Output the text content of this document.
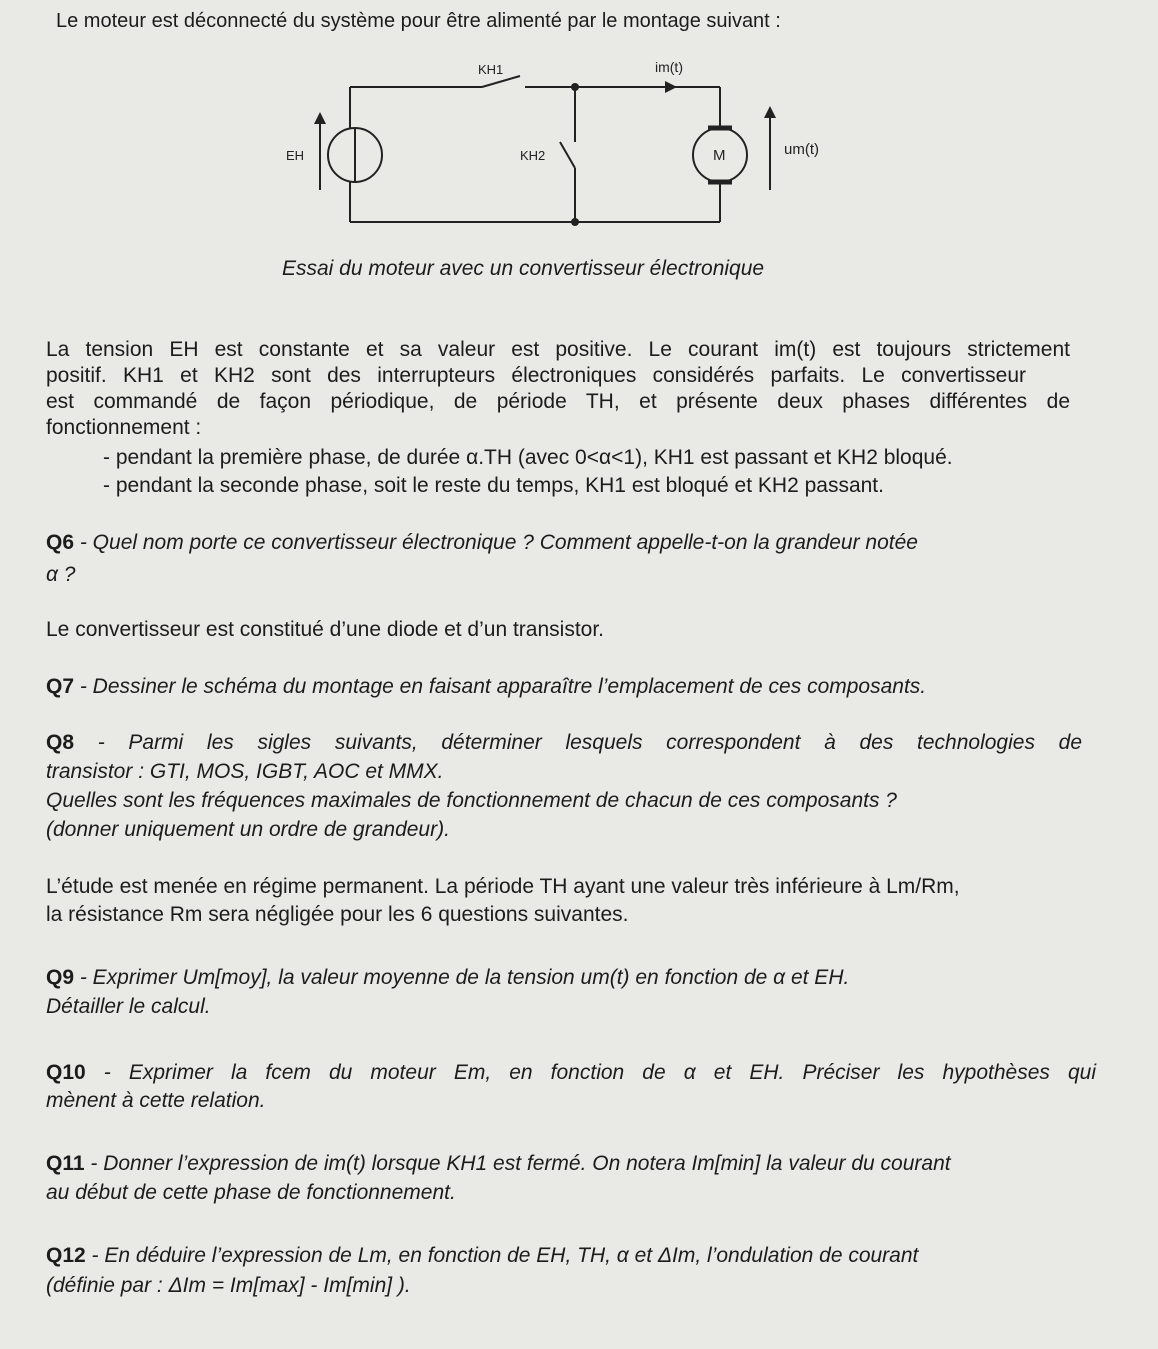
Le moteur est déconnecté du système pour être alimenté par le montage suivant :
KH1	im(t)
EH	KH2	M	um(t)
Essai du moteur avec un convertisseur électronique
La tension EH est constante et sa valeur est positive. Le courant im(t) est toujours strictement
positif. KH1 et KH2 sont des interrupteurs électroniques considérés parfaits. Le convertisseur
est commandé de façon périodique, de période TH, et présente deux phases différentes de
fonctionnement :
- pendant la première phase, de durée α.TH (avec 0<α<1), KH1 est passant et KH2 bloqué.
- pendant la seconde phase, soit le reste du temps, KH1 est bloqué et KH2 passant.
Q6 - Quel nom porte ce convertisseur électronique ? Comment appelle-t-on la grandeur notée
α ?
Le convertisseur est constitué d’une diode et d’un transistor.
Q7 - Dessiner le schéma du montage en faisant apparaître l’emplacement de ces composants.
Q8 - Parmi les sigles suivants, déterminer lesquels correspondent à des technologies de
transistor : GTI, MOS, IGBT, AOC et MMX.
Quelles sont les fréquences maximales de fonctionnement de chacun de ces composants ?
(donner uniquement un ordre de grandeur).
L’étude est menée en régime permanent. La période TH ayant une valeur très inférieure à Lm/Rm,
la résistance Rm sera négligée pour les 6 questions suivantes.
Q9 - Exprimer Um[moy], la valeur moyenne de la tension um(t) en fonction de α et EH.
Détailler le calcul.
Q10 - Exprimer la fcem du moteur Em, en fonction de α et EH. Préciser les hypothèses qui
mènent à cette relation.
Q11 - Donner l’expression de im(t) lorsque KH1 est fermé. On notera Im[min] la valeur du courant
au début de cette phase de fonctionnement.
Q12 - En déduire l’expression de Lm, en fonction de EH, TH, α et ΔIm, l’ondulation de courant
(définie par : ΔIm = Im[max] - Im[min] ).
